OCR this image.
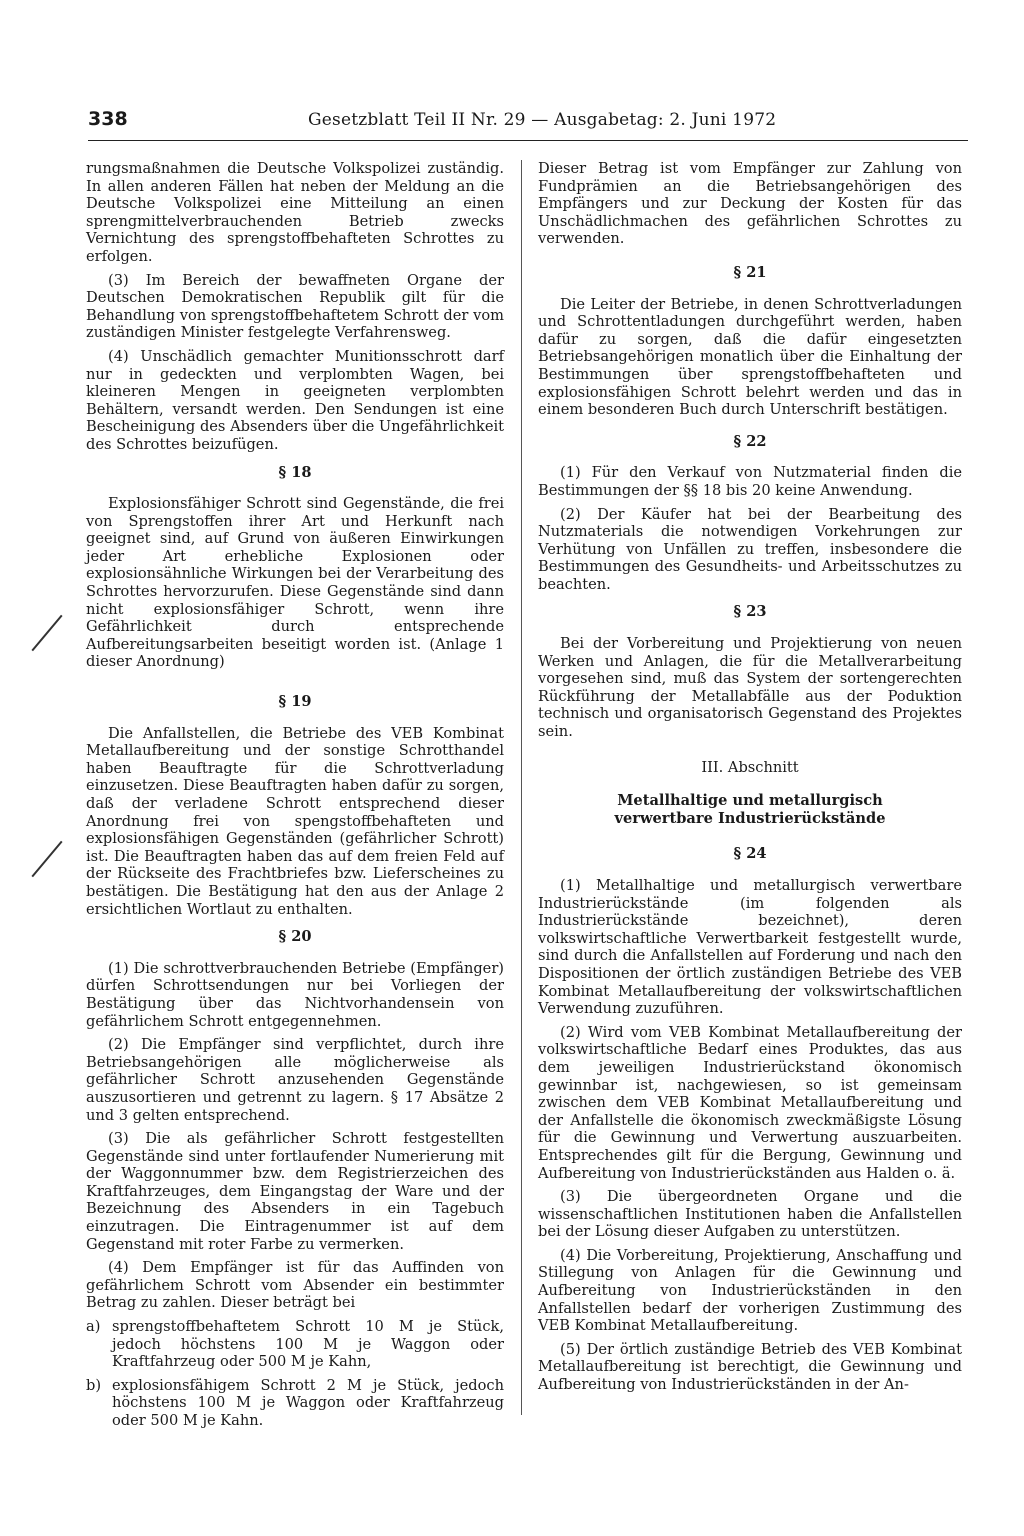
338	Gesetzblatt Teil II Nr. 29 — Ausgabetag: 2. Juni 1972

rungsmaßnahmen die Deutsche Volkspolizei zuständig. In allen anderen Fällen hat neben der Meldung an die Deutsche Volkspolizei eine Mitteilung an einen sprengmittelverbrauchenden Betrieb zwecks Vernichtung des sprengstoffbehafteten Schrottes zu erfolgen.

(3) Im Bereich der bewaffneten Organe der Deutschen Demokratischen Republik gilt für die Behandlung von sprengstoffbehaftetem Schrott der vom zuständigen Minister festgelegte Verfahrensweg.

(4) Unschädlich gemachter Munitionsschrott darf nur in gedeckten und verplombten Wagen, bei kleineren Mengen in geeigneten verplombten Behältern, versandt werden. Den Sendungen ist eine Bescheinigung des Absenders über die Ungefährlichkeit des Schrottes beizufügen.

§ 18

Explosionsfähiger Schrott sind Gegenstände, die frei von Sprengstoffen ihrer Art und Herkunft nach geeignet sind, auf Grund von äußeren Einwirkungen jeder Art erhebliche Explosionen oder explosionsähnliche Wirkungen bei der Verarbeitung des Schrottes hervorzurufen. Diese Gegenstände sind dann nicht explosionsfähiger Schrott, wenn ihre Gefährlichkeit durch entsprechende Aufbereitungsarbeiten beseitigt worden ist. (Anlage 1 dieser Anordnung)

§ 19

Die Anfallstellen, die Betriebe des VEB Kombinat Metallaufbereitung und der sonstige Schrotthandel haben Beauftragte für die Schrottverladung einzusetzen. Diese Beauftragten haben dafür zu sorgen, daß der verladene Schrott entsprechend dieser Anordnung frei von spengstoffbehafteten und explosionsfähigen Gegenständen (gefährlicher Schrott) ist. Die Beauftragten haben das auf dem freien Feld auf der Rückseite des Frachtbriefes bzw. Lieferscheines zu bestätigen. Die Bestätigung hat den aus der Anlage 2 ersichtlichen Wortlaut zu enthalten.

§ 20

(1) Die schrottverbrauchenden Betriebe (Empfänger) dürfen Schrottsendungen nur bei Vorliegen der Bestätigung über das Nichtvorhandensein von gefährlichem Schrott entgegennehmen.

(2) Die Empfänger sind verpflichtet, durch ihre Betriebsangehörigen alle möglicherweise als gefährlicher Schrott anzusehenden Gegenstände auszusortieren und getrennt zu lagern. § 17 Absätze 2 und 3 gelten entsprechend.

(3) Die als gefährlicher Schrott festgestellten Gegenstände sind unter fortlaufender Numerierung mit der Waggonnummer bzw. dem Registrierzeichen des Kraftfahrzeuges, dem Eingangstag der Ware und der Bezeichnung des Absenders in ein Tagebuch einzutragen. Die Eintragenummer ist auf dem Gegenstand mit roter Farbe zu vermerken.

(4) Dem Empfänger ist für das Auffinden von gefährlichem Schrott vom Absender ein bestimmter Betrag zu zahlen. Dieser beträgt bei

a) sprengstoffbehaftetem Schrott 10 M je Stück, jedoch höchstens 100 M je Waggon oder Kraftfahrzeug oder 500 M je Kahn,
b) explosionsfähigem Schrott 2 M je Stück, jedoch höchstens 100 M je Waggon oder Kraftfahrzeug oder 500 M je Kahn.

Dieser Betrag ist vom Empfänger zur Zahlung von Fundprämien an die Betriebsangehörigen des Empfängers und zur Deckung der Kosten für das Unschädlichmachen des gefährlichen Schrottes zu verwenden.

§ 21

Die Leiter der Betriebe, in denen Schrottverladungen und Schrottentladungen durchgeführt werden, haben dafür zu sorgen, daß die dafür eingesetzten Betriebsangehörigen monatlich über die Einhaltung der Bestimmungen über sprengstoffbehafteten und explosionsfähigen Schrott belehrt werden und das in einem besonderen Buch durch Unterschrift bestätigen.

§ 22

(1) Für den Verkauf von Nutzmaterial finden die Bestimmungen der §§ 18 bis 20 keine Anwendung.

(2) Der Käufer hat bei der Bearbeitung des Nutzmaterials die notwendigen Vorkehrungen zur Verhütung von Unfällen zu treffen, insbesondere die Bestimmungen des Gesundheits- und Arbeitsschutzes zu beachten.

§ 23

Bei der Vorbereitung und Projektierung von neuen Werken und Anlagen, die für die Metallverarbeitung vorgesehen sind, muß das System der sortengerechten Rückführung der Metallabfälle aus der Poduktion technisch und organisatorisch Gegenstand des Projektes sein.

III. Abschnitt
Metallhaltige und metallurgisch
verwertbare Industrierückstände
§ 24

(1) Metallhaltige und metallurgisch verwertbare Industrierückstände (im folgenden als Industrierückstände bezeichnet), deren volkswirtschaftliche Verwertbarkeit festgestellt wurde, sind durch die Anfallstellen auf Forderung und nach den Dispositionen der örtlich zuständigen Betriebe des VEB Kombinat Metallaufbereitung der volkswirtschaftlichen Verwendung zuzuführen.

(2) Wird vom VEB Kombinat Metallaufbereitung der volkswirtschaftliche Bedarf eines Produktes, das aus dem jeweiligen Industrierückstand ökonomisch gewinnbar ist, nachgewiesen, so ist gemeinsam zwischen dem VEB Kombinat Metallaufbereitung und der Anfallstelle die ökonomisch zweckmäßigste Lösung für die Gewinnung und Verwertung auszuarbeiten. Entsprechendes gilt für die Bergung, Gewinnung und Aufbereitung von Industrierückständen aus Halden o. ä.

(3) Die übergeordneten Organe und die wissenschaftlichen Institutionen haben die Anfallstellen bei der Lösung dieser Aufgaben zu unterstützen.

(4) Die Vorbereitung, Projektierung, Anschaffung und Stillegung von Anlagen für die Gewinnung und Aufbereitung von Industrierückständen in den Anfallstellen bedarf der vorherigen Zustimmung des VEB Kombinat Metallaufbereitung.

(5) Der örtlich zuständige Betrieb des VEB Kombinat Metallaufbereitung ist berechtigt, die Gewinnung und Aufbereitung von Industrierückständen in der An-
